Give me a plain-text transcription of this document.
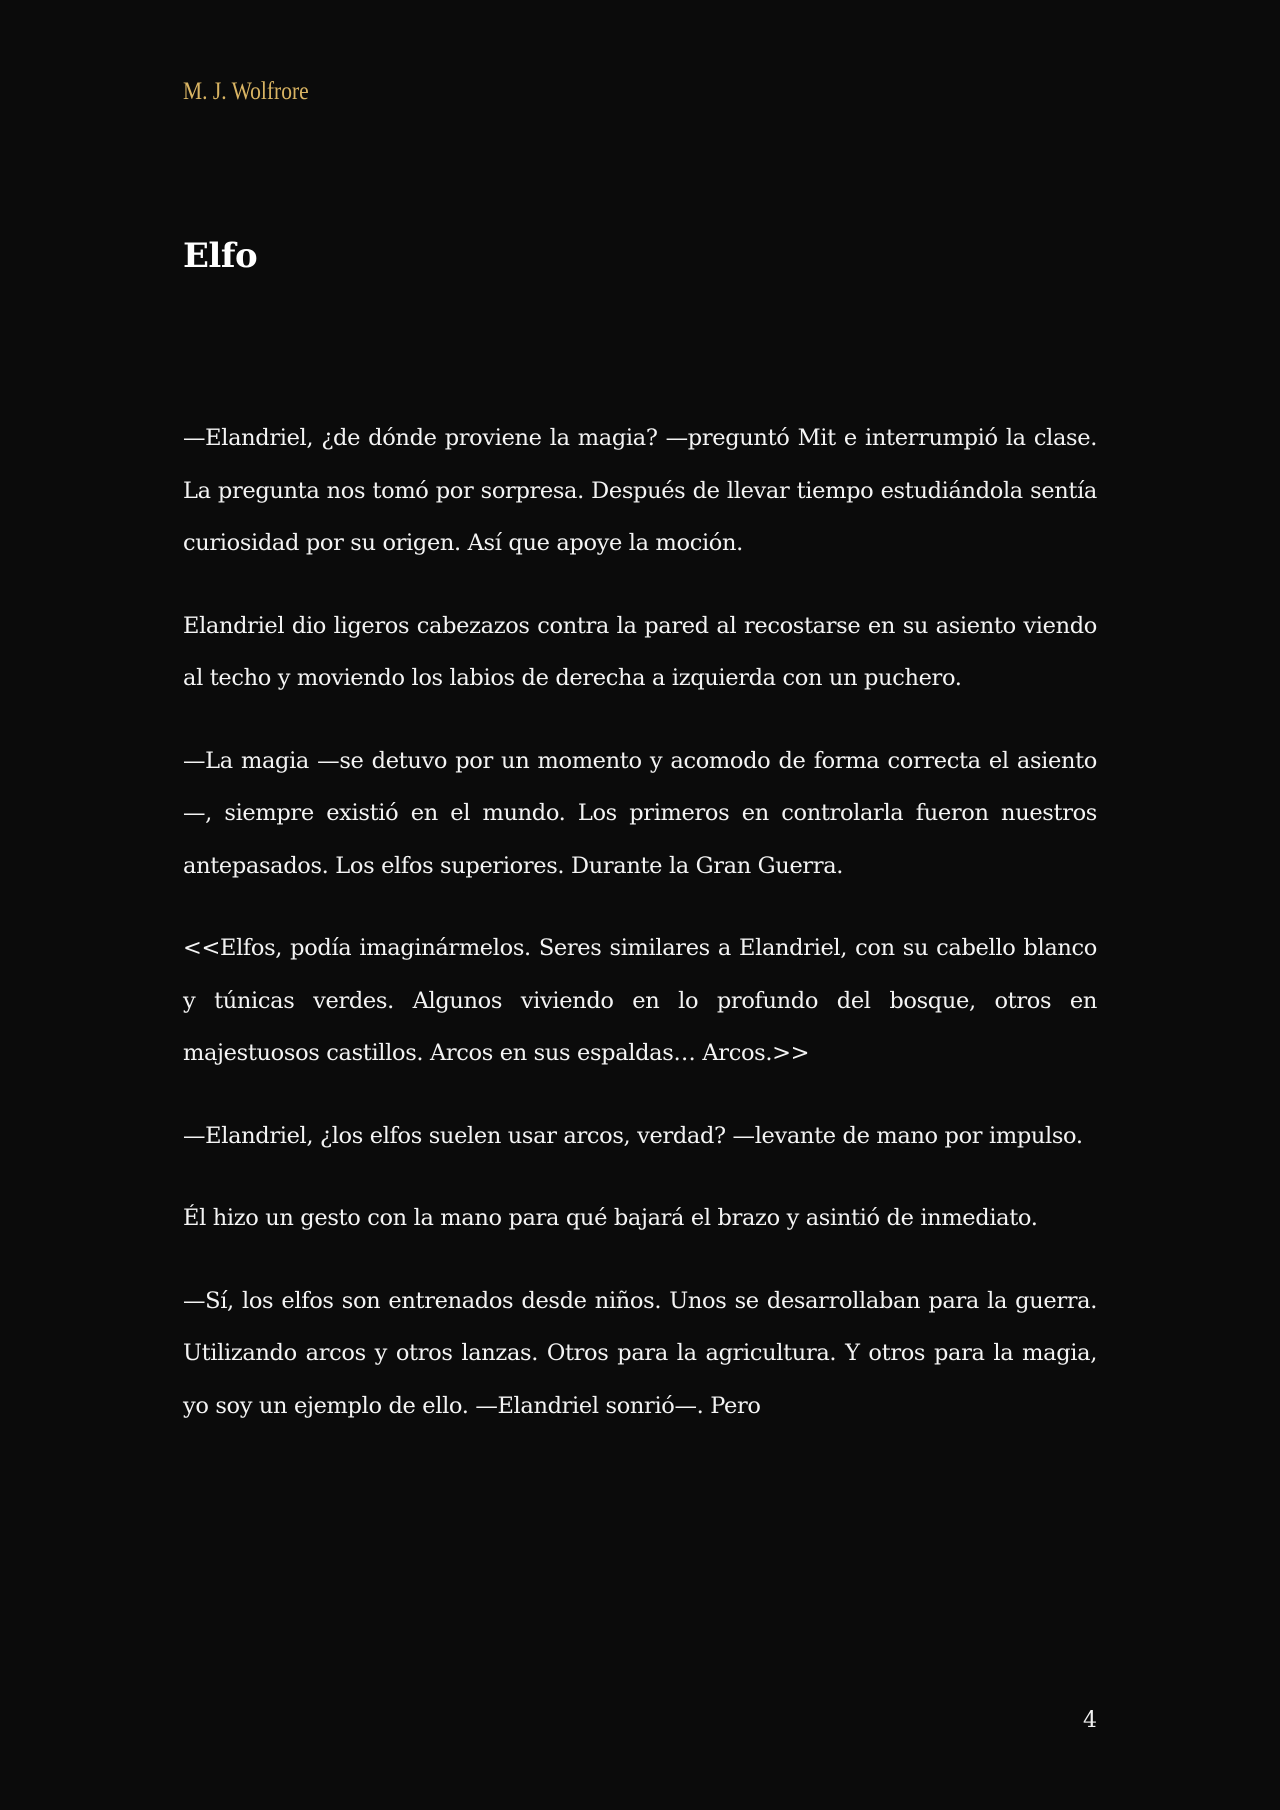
M. J. Wolfrore
Elfo

—Elandriel, ¿de dónde proviene la magia? —preguntó Mit e interrumpió la clase. La pregunta nos tomó por sorpresa. Después de llevar tiempo estudiándola sentía curiosidad por su origen. Así que apoye la moción.

Elandriel dio ligeros cabezazos contra la pared al recostarse en su asiento viendo al techo y moviendo los labios de derecha a izquierda con un puchero.

—La magia —se detuvo por un momento y acomodo de forma correcta el asiento—, siempre existió en el mundo. Los primeros en controlarla fueron nuestros antepasados. Los elfos superiores. Durante la Gran Guerra.

<<Elfos, podía imaginármelos. Seres similares a Elandriel, con su cabello blanco y túnicas verdes. Algunos viviendo en lo profundo del bosque, otros en majestuosos castillos. Arcos en sus espaldas… Arcos.>>

—Elandriel, ¿los elfos suelen usar arcos, verdad? —levante de mano por impulso.

Él hizo un gesto con la mano para qué bajará el brazo y asintió de inmediato.

—Sí, los elfos son entrenados desde niños. Unos se desarrollaban para la guerra. Utilizando arcos y otros lanzas. Otros para la agricultura. Y otros para la magia, yo soy un ejemplo de ello. —Elandriel sonrió—. Pero

4
